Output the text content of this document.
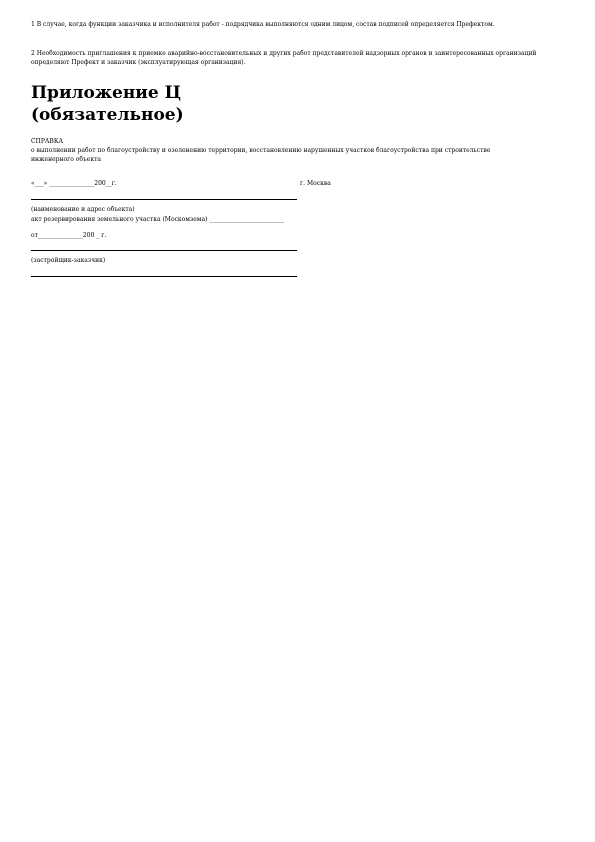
1 В случае, когда функции заказчика и исполнителя работ - подрядчика выполняются одним лицом, состав подписей определяется Префектом.
2 Необходимость приглашения к приемке аварийно-восстановительных и других работ представителей надзорных органов и заинтересованных организаций определяют Префект и заказчик (эксплуатирующая организация).
Приложение Ц
(обязательное)
СПРАВКА
о выполнении работ по благоустройству и озеленению территории, восстановлению нарушенных участков благоустройства при строительстве инженерного объекта
«___» _______________200__г.	г. Москва
(наименование и адрес объекта)
акт резервирования земельного участка (Москомзема) _________________________
от_______________200 _ г.
(застройщик-заказчик)
